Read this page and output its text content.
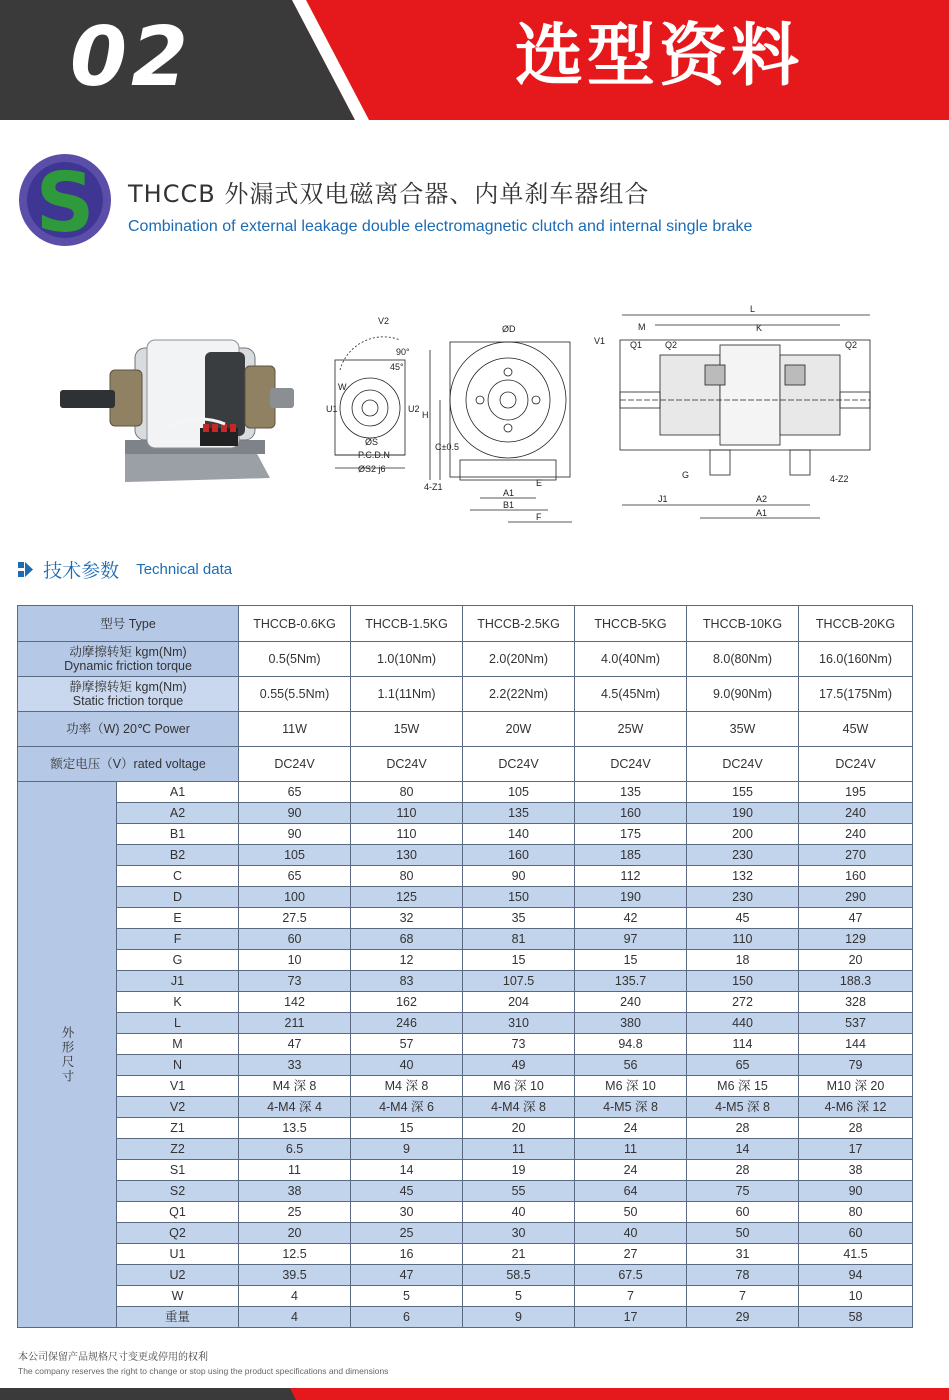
02	选型资料
S THCCB 外漏式双电磁离合器、内单刹车器组合
Combination of external leakage double electromagnetic clutch and internal single brake
V2
90°
45°
W
U1	U2
ØS
P.C.D.N
ØS2 j6
ØD
H
C±0.5
4-Z1
A1
B1
E
F
L
M	K
V1	Q1	Q2	Q2
G
J1	A2
A1
4-Z2
技术参数 Technical data
型号 Type		THCCB-0.6KG	THCCB-1.5KG	THCCB-2.5KG	THCCB-5KG	THCCB-10KG	THCCB-20KG

动摩擦转矩 kgm(Nm)
Dynamic friction torque		0.5(5Nm)	1.0(10Nm)	2.0(20Nm)	4.0(40Nm)	8.0(80Nm)	16.0(160Nm)

静摩擦转矩 kgm(Nm)
Static friction torque		0.55(5.5Nm)	1.1(11Nm)	2.2(22Nm)	4.5(45Nm)	9.0(90Nm)	17.5(175Nm)

功率（W) 20℃ Power		11W	15W	20W	25W	35W	45W

额定电压（V）rated voltage		DC24V	DC24V	DC24V	DC24V	DC24V	DC24V
外形尺寸	A1	65	80	105	135	155	195
	A2	90	110	135	160	190	240
	B1	90	110	140	175	200	240
	B2	105	130	160	185	230	270
	C	65	80	90	112	132	160
	D	100	125	150	190	230	290
	E	27.5	32	35	42	45	47
	F	60	68	81	97	110	129
	G	10	12	15	15	18	20
	J1	73	83	107.5	135.7	150	188.3
	K	142	162	204	240	272	328
	L	211	246	310	380	440	537
	M	47	57	73	94.8	114	144
	N	33	40	49	56	65	79
	V1	M4 深 8	M4 深 8	M6 深 10	M6 深 10	M6 深 15	M10 深 20
	V2	4-M4 深 4	4-M4 深 6	4-M4 深 8	4-M5 深 8	4-M5 深 8	4-M6 深 12
	Z1	13.5	15	20	24	28	28
	Z2	6.5	9	11	11	14	17
	S1	11	14	19	24	28	38
	S2	38	45	55	64	75	90
	Q1	25	30	40	50	60	80
	Q2	20	25	30	40	50	60
	U1	12.5	16	21	27	31	41.5
	U2	39.5	47	58.5	67.5	78	94
	W	4	5	5	7	7	10
	重量	4	6	9	17	29	58
本公司保留产品规格尺寸变更或停用的权利
The company reserves the right to change or stop using the product specifications and dimensions
